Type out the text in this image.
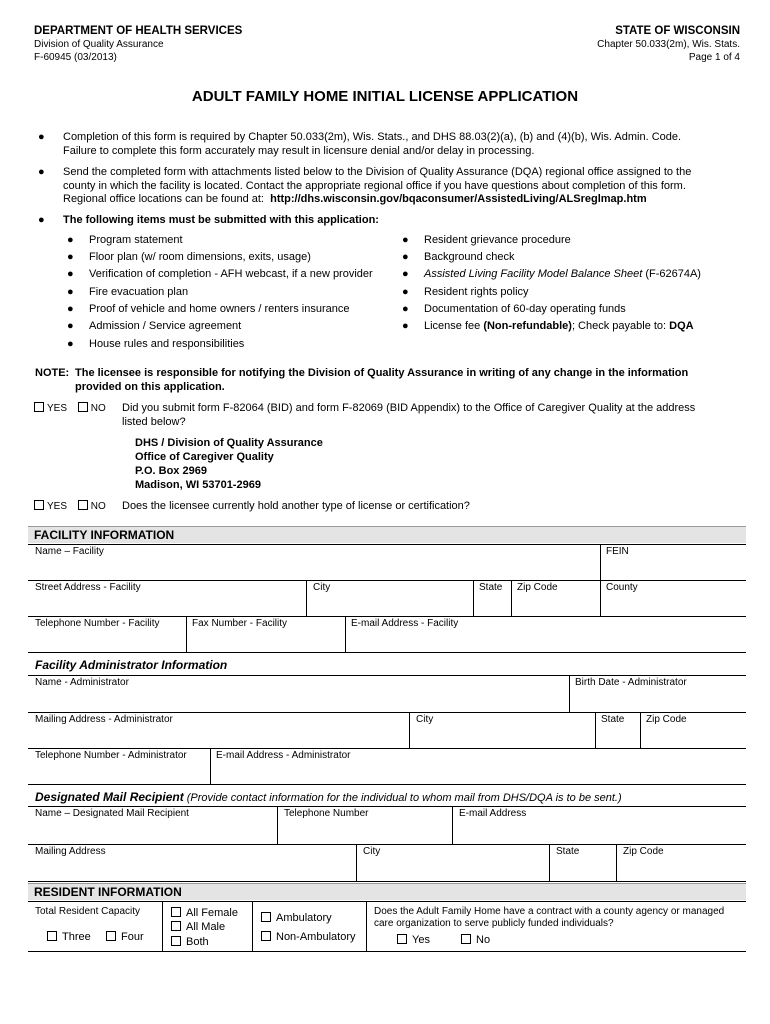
DEPARTMENT OF HEALTH SERVICES
Division of Quality Assurance
F-60945 (03/2013)
STATE OF WISCONSIN
Chapter 50.033(2m), Wis. Stats.
Page 1 of 4
ADULT FAMILY HOME INITIAL LICENSE APPLICATION
● Completion of this form is required by Chapter 50.033(2m), Wis. Stats., and DHS 88.03(2)(a), (b) and (4)(b), Wis. Admin. Code.
Failure to complete this form accurately may result in licensure denial and/or delay in processing.
● Send the completed form with attachments listed below to the Division of Quality Assurance (DQA) regional office assigned to the
county in which the facility is located. Contact the appropriate regional office if you have questions about completion of this form.
Regional office locations can be found at: http://dhs.wisconsin.gov/bqaconsumer/AssistedLiving/ALSreglmap.htm
● The following items must be submitted with this application:
● Program statement
● Floor plan (w/ room dimensions, exits, usage)
● Verification of completion - AFH webcast, if a new provider
● Fire evacuation plan
● Proof of vehicle and home owners / renters insurance
● Admission / Service agreement
● House rules and responsibilities
● Resident grievance procedure
● Background check
● Assisted Living Facility Model Balance Sheet (F-62674A)
● Resident rights policy
● Documentation of 60-day operating funds
● License fee (Non-refundable); Check payable to: DQA
NOTE: The licensee is responsible for notifying the Division of Quality Assurance in writing of any change in the information
provided on this application.
YES NO	Did you submit form F-82064 (BID) and form F-82069 (BID Appendix) to the Office of Caregiver Quality at the address
listed below?
DHS / Division of Quality Assurance
Office of Caregiver Quality
P.O. Box 2969
Madison, WI 53701-2969
YES NO	Does the licensee currently hold another type of license or certification?
FACILITY INFORMATION
Name – Facility	FEIN
Street Address - Facility	City	State Zip Code	County
Telephone Number - Facility	Fax Number - Facility	E-mail Address - Facility
Facility Administrator Information
Name - Administrator	Birth Date - Administrator
Mailing Address - Administrator	City	State Zip Code
Telephone Number - Administrator	E-mail Address - Administrator
Designated Mail Recipient (Provide contact information for the individual to whom mail from DHS/DQA is to be sent.)
Name – Designated Mail Recipient	Telephone Number	E-mail Address
Mailing Address	City	State	Zip Code
RESIDENT INFORMATION
Total Resident Capacity
Three	Four
All Female
All Male
Both
Ambulatory
Non-Ambulatory
Does the Adult Family Home have a contract with a county agency or managed
care organization to serve publicly funded individuals?
Yes	No
